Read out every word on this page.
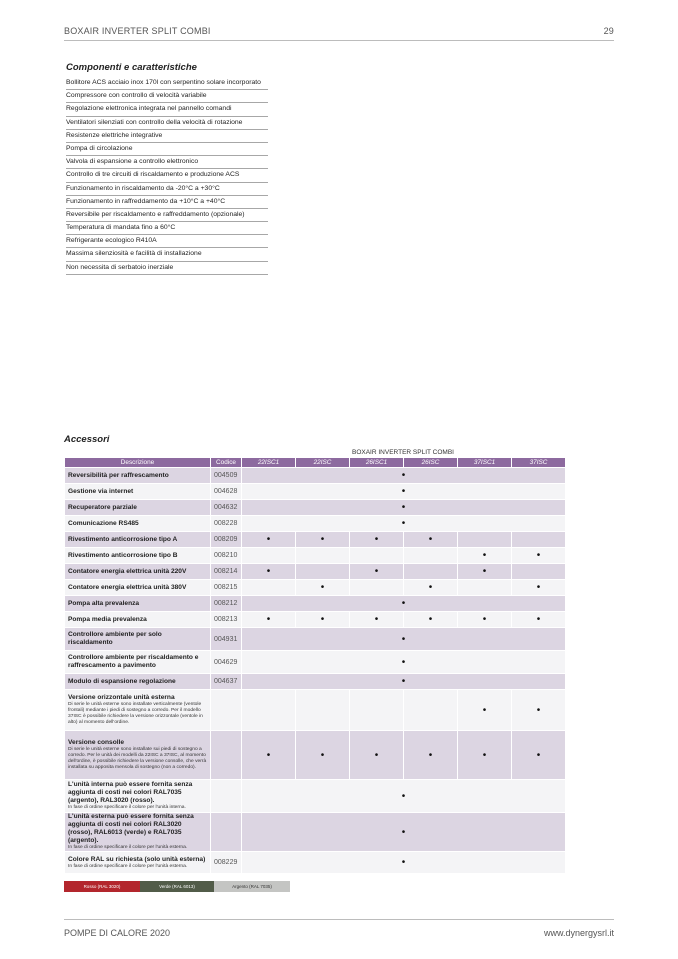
BOXAIR INVERTER SPLIT COMBI	29
Componenti e caratteristiche
Bollitore ACS acciaio inox 170l con serpentino solare incorporato
Compressore con controllo di velocità variabile
Regolazione elettronica integrata nel pannello comandi
Ventilatori silenziati con controllo della velocità di rotazione
Resistenze elettriche integrative
Pompa di circolazione
Valvola di espansione a controllo elettronico
Controllo di tre circuiti di riscaldamento e produzione ACS
Funzionamento in riscaldamento da -20°C a +30°C
Funzionamento in raffreddamento da +10°C a +40°C
Reversibile per riscaldamento e raffreddamento (opzionale)
Temperatura di mandata fino a 60°C
Refrigerante ecologico R410A
Massima silenziosità e facilità di installazione
Non necessita di serbatoio inerziale
Accessori
BOXAIR INVERTER SPLIT COMBI
Descrizione	Codice	22ISC1	22ISC	26ISC1	26ISC	37ISC1	37ISC
Reversibilità per raffrescamento	004509	•					
Gestione via internet	004628	•					
Recuperatore parziale	004632	•					
Comunicazione RS485	008228	•					
Rivestimento anticorrosione tipo A	008209	•	•	•	•		
Rivestimento anticorrosione tipo B	008210					•	•
Contatore energia elettrica unità 220V	008214	•		•		•	
Contatore energia elettrica unità 380V	008215		•		•		•
Pompa alta prevalenza	008212	•					
Pompa media prevalenza	008213	•	•	•	•	•	•
Controllore ambiente per solo riscaldamento	004931	•					
Controllore ambiente per riscaldamento e raffrescamento a pavimento	004629	•					
Modulo di espansione regolazione	004637	•					
Versione orizzontale unità esterna
Di serie le unità esterne sono installate verticalmente (ventole frontali) mediante i piedi di sostegno a corredo. Per il modello 37ISC è possibile richiedere la versione orizzontale (ventole in alto) al momento dell'ordine.						•	•
Versione consolle
Di serie le unità esterne sono installate sui piedi di sostegno a corredo. Per le unità dei modelli da 22ISC a 37ISC, al momento dell'ordine, è possibile richiedere la versione consolle, che verrà installata su apposita mensola di sostegno (non a corredo).		•	•	•	•	•	•
L'unità interna può essere fornita senza aggiunta di costi nei colori RAL7035 (argento), RAL3020 (rosso).
In fase di ordine specificare il colore per l'unità interna.		•					
L'unità esterna può essere fornita senza aggiunta di costi nei colori RAL3020 (rosso), RAL6013 (verde) e RAL7035 (argento).
In fase di ordine specificare il colore per l'unità esterna.		•					
Colore RAL su richiesta (solo unità esterna)
In fase di ordine specificare il colore per l'unità esterna.	008229	•					
Rosso (RAL 3020)	Verde (RAL 6013)	Argento (RAL 7035)
POMPE DI CALORE 2020	www.dynergysrl.it
